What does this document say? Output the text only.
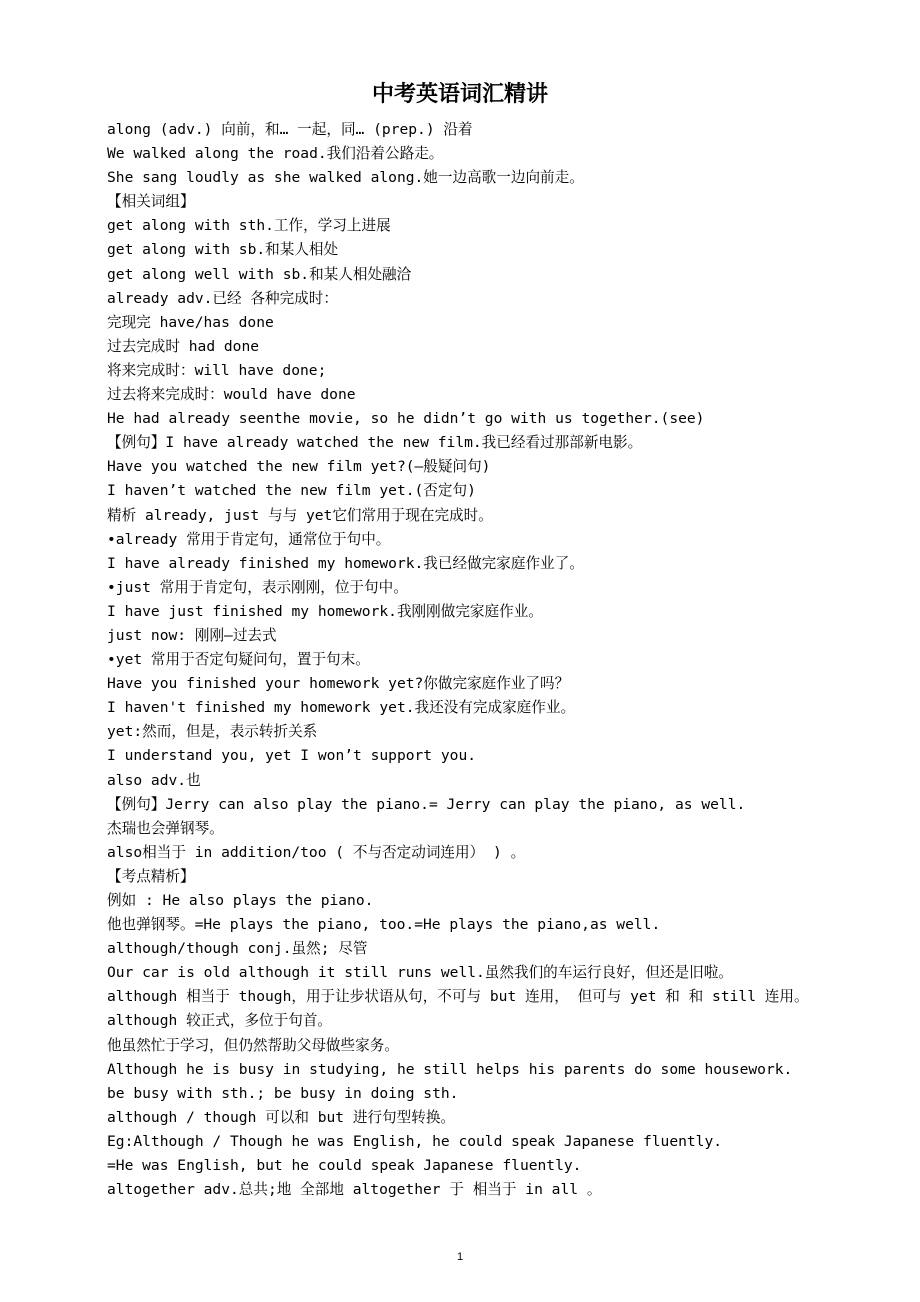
中考英语词汇精讲

along (adv.) 向前，和… 一起，同… (prep.) 沿着

We walked along the road.我们沿着公路走。

She sang loudly as she walked along.她一边高歌一边向前走。

【相关词组】

get along with sth.工作，学习上进展

get along with sb.和某人相处

get along well with sb.和某人相处融洽

already adv.已经 各种完成时：

完现完 have/has done

过去完成时 had done

将来完成时：will have done;

过去将来完成时：would have done

He had already seenthe movie, so he didn’t go with us together.(see)

【例句】I have already watched the new film.我已经看过那部新电影。

Have you watched the new film yet?(—般疑问句)

I haven’t watched the new film yet.(否定句)

精析 already, just 与与 yet它们常用于现在完成时。

•already 常用于肯定句，通常位于句中。

I have already finished my homework.我已经做完家庭作业了。

•just 常用于肯定句，表示刚刚，位于句中。

I have just finished my homework.我刚刚做完家庭作业。

just now: 刚刚—过去式

•yet 常用于否定句疑问句，置于句末。

Have you finished your homework yet?你做完家庭作业了吗？

I haven't finished my homework yet.我还没有完成家庭作业。

yet:然而，但是，表示转折关系

I understand you, yet I won’t support you.

also adv.也

【例句】Jerry can also play the piano.= Jerry can play the piano, as well.

杰瑞也会弹钢琴。

also相当于 in addition/too ( 不与否定动词连用） ) 。

【考点精析】

例如 : He also plays the piano.

他也弹钢琴。=He plays the piano, too.=He plays the piano,as well.

although/though conj.虽然; 尽管

Our car is old although it still runs well.虽然我们的车运行良好，但还是旧啦。

although 相当于 though，用于让步状语从句，不可与 but 连用， 但可与 yet 和 和 still 连用。

although 较正式，多位于句首。

他虽然忙于学习，但仍然帮助父母做些家务。

Although he is busy in studying, he still helps his parents do some housework.

be busy with sth.; be busy in doing sth.

although / though 可以和 but 进行句型转换。

Eg:Although / Though he was English, he could speak Japanese fluently.

=He was English, but he could speak Japanese fluently.

altogether adv.总共;地 全部地 altogether 于 相当于 in all 。

1
